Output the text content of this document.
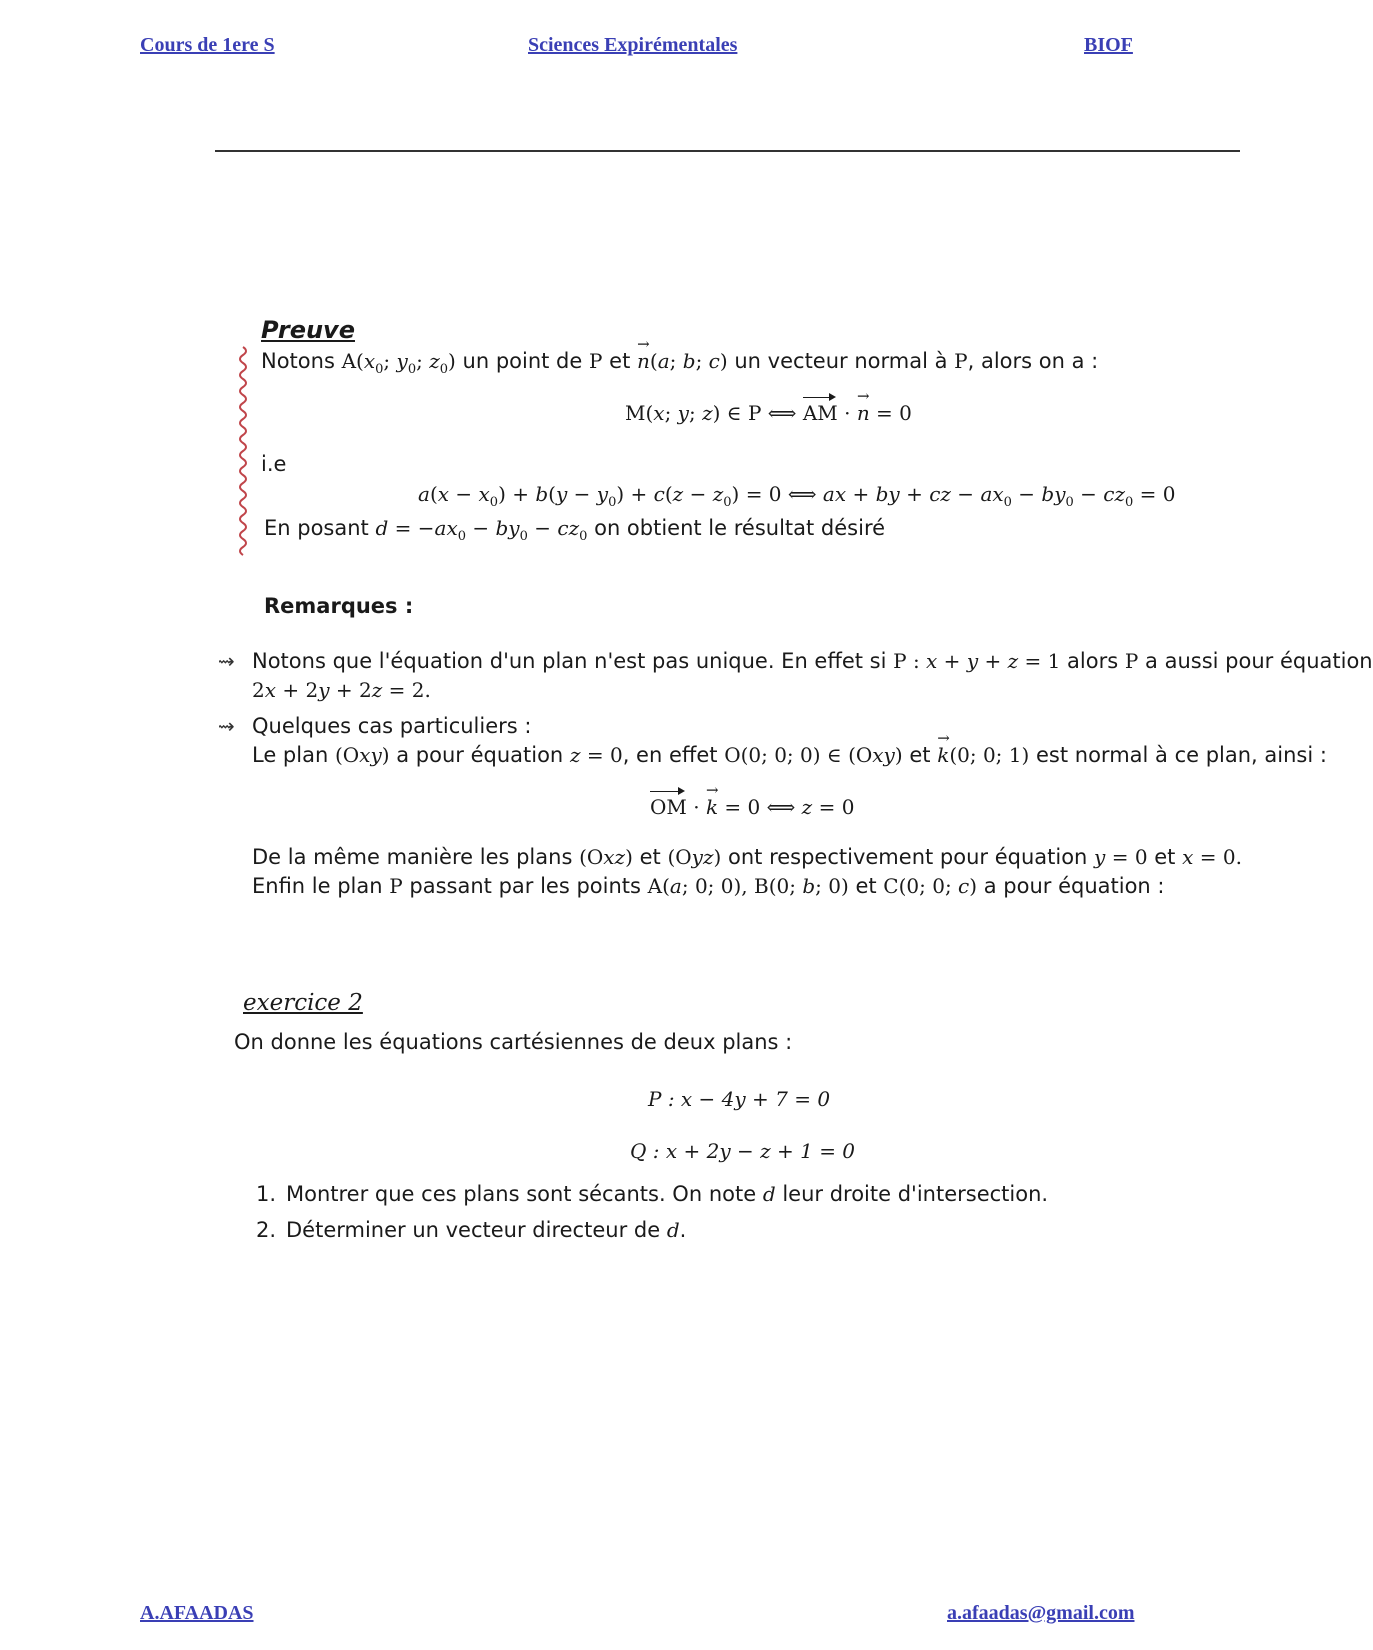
Cours de 1ere S	Sciences Expirémentales	BIOF
Preuve
Notons $A(x_0$; $y_0$; $z_0$) un point de P et → n(a; b; c) un vecteur normal à P, alors on a :
M(x; y; z) ∈ P ⟺ AM · → n = 0
i.e
$a(x - x_0) + b(y - y_0) + c(z - z_0) = 0$ ⟺ ax + by + cz − $ax_0 - by_0 - cz_0 = 0$
En posant $d = -ax_0 - by_0 - cz_0$ on obtient le résultat désiré
Remarques :
⇝ Notons que l'équation d'un plan n'est pas unique. En effet si P : x + y + z = 1 alors P a aussi pour équation
2x + 2y + 2z = 2.
⇝ Quelques cas particuliers :
Le plan (Oxy) a pour équation z = 0, en effet O(0; 0; 0) ∈ (Oxy) et → k(0; 0; 1) est normal à ce plan, ainsi :
OM · → k = 0 ⟺ z = 0
De la même manière les plans (Oxz) et (Oyz) ont respectivement pour équation y = 0 et x = 0.
Enfin le plan P passant par les points A(a; 0; 0), B(0; b; 0) et C(0; 0; c) a pour équation :
exercice 2
On donne les équations cartésiennes de deux plans :
P : x − 4y + 7 = 0
Q : x + 2y − z + 1 = 0
1. Montrer que ces plans sont sécants. On note d leur droite d'intersection.
2. Déterminer un vecteur directeur de d.
A.AFAADAS	a.afaadas@gmail.com
